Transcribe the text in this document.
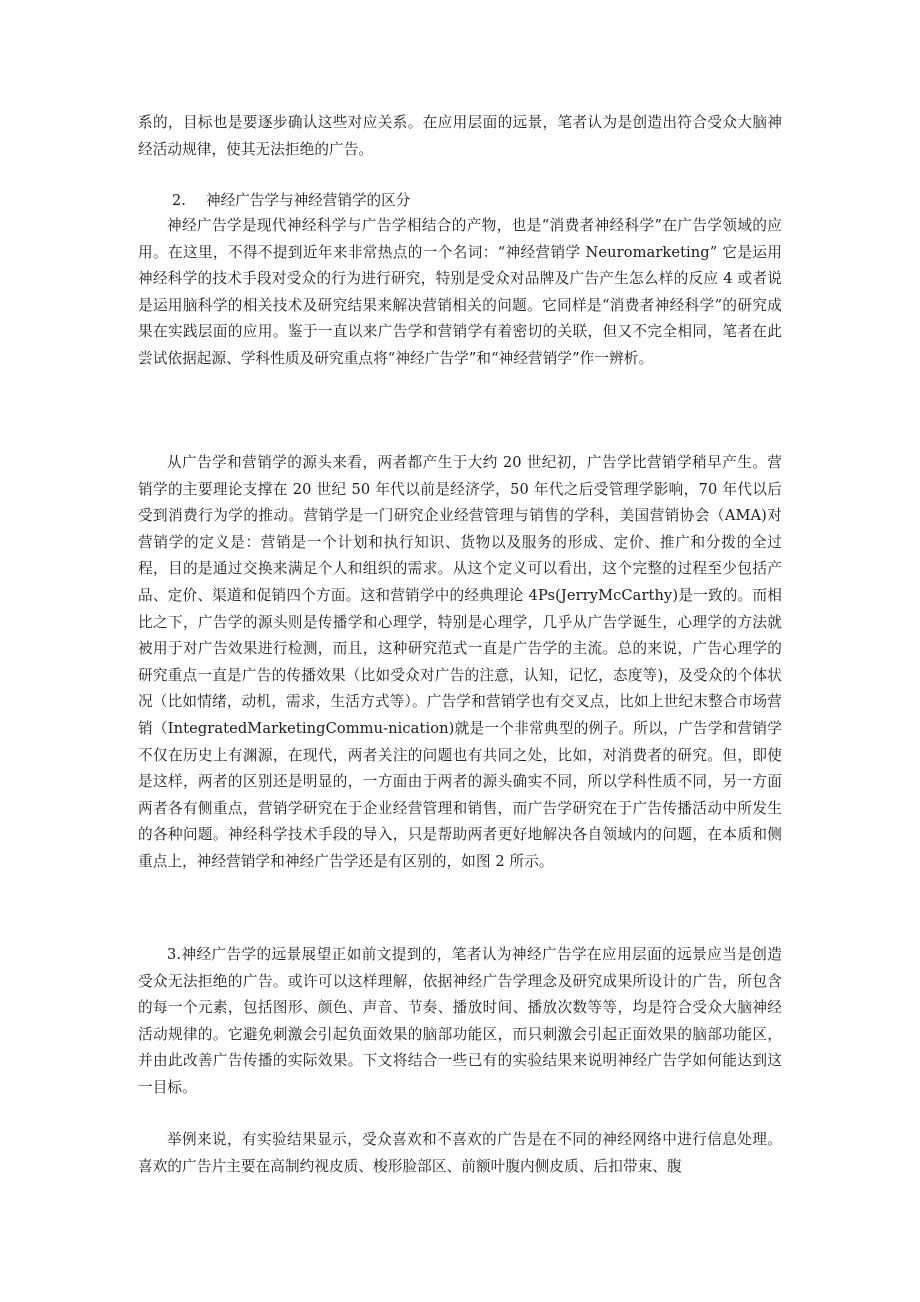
系的，目标也是要逐步确认这些对应关系。在应用层面的远景，笔者认为是创造出符合受众大脑神经活动规律，使其无法拒绝的广告。

2. 神经广告学与神经营销学的区分

神经广告学是现代神经科学与广告学相结合的产物，也是“消费者神经科学”在广告学领域的应用。在这里，不得不提到近年来非常热点的一个名词：“神经营销学 Neuromarketing” 它是运用神经科学的技术手段对受众的行为进行研究，特别是受众对品牌及广告产生怎么样的反应 4 或者说是运用脑科学的相关技术及研究结果来解决营销相关的问题。它同样是“消费者神经科学”的研究成果在实践层面的应用。鉴于一直以来广告学和营销学有着密切的关联，但又不完全相同，笔者在此尝试依据起源、学科性质及研究重点将“神经广告学”和“神经营销学”作一辨析。

从广告学和营销学的源头来看，两者都产生于大约 20 世纪初，广告学比营销学稍早产生。营销学的主要理论支撑在 20 世纪 50 年代以前是经济学，50 年代之后受管理学影响，70 年代以后受到消费行为学的推动。营销学是一门研究企业经营管理与销售的学科，美国营销协会（AMA)对营销学的定义是：营销是一个计划和执行知识、货物以及服务的形成、定价、推广和分拨的全过程，目的是通过交换来满足个人和组织的需求。从这个定义可以看出，这个完整的过程至少包括产品、定价、渠道和促销四个方面。这和营销学中的经典理论 4Ps(JerryMcCarthy)是一致的。而相比之下，广告学的源头则是传播学和心理学，特别是心理学，几乎从广告学诞生，心理学的方法就被用于对广告效果进行检测，而且，这种研究范式一直是广告学的主流。总的来说，广告心理学的研究重点一直是广告的传播效果（比如受众对广告的注意，认知，记忆，态度等)，及受众的个体状况（比如情绪，动机，需求，生活方式等）。广告学和营销学也有交叉点，比如上世纪末整合市场营销（IntegratedMarketingCommu-nication)就是一个非常典型的例子。所以，广告学和营销学不仅在历史上有渊源，在现代，两者关注的问题也有共同之处，比如，对消费者的研究。但，即使是这样，两者的区别还是明显的，一方面由于两者的源头确实不同，所以学科性质不同，另一方面两者各有侧重点，营销学研究在于企业经营管理和销售，而广告学研究在于广告传播活动中所发生的各种问题。神经科学技术手段的导入，只是帮助两者更好地解决各自领域内的问题，在本质和侧重点上，神经营销学和神经广告学还是有区别的，如图 2 所示。

3.神经广告学的远景展望正如前文提到的，笔者认为神经广告学在应用层面的远景应当是创造受众无法拒绝的广告。或许可以这样理解，依据神经广告学理念及研究成果所设计的广告，所包含的每一个元素，包括图形、颜色、声音、节奏、播放时间、播放次数等等，均是符合受众大脑神经活动规律的。它避免刺激会引起负面效果的脑部功能区，而只刺激会引起正面效果的脑部功能区，并由此改善广告传播的实际效果。下文将结合一些已有的实验结果来说明神经广告学如何能达到这一目标。

举例来说，有实验结果显示，受众喜欢和不喜欢的广告是在不同的神经网络中进行信息处理。喜欢的广告片主要在高制约视皮质、梭形脸部区、前额叶腹内侧皮质、后扣带束、腹
